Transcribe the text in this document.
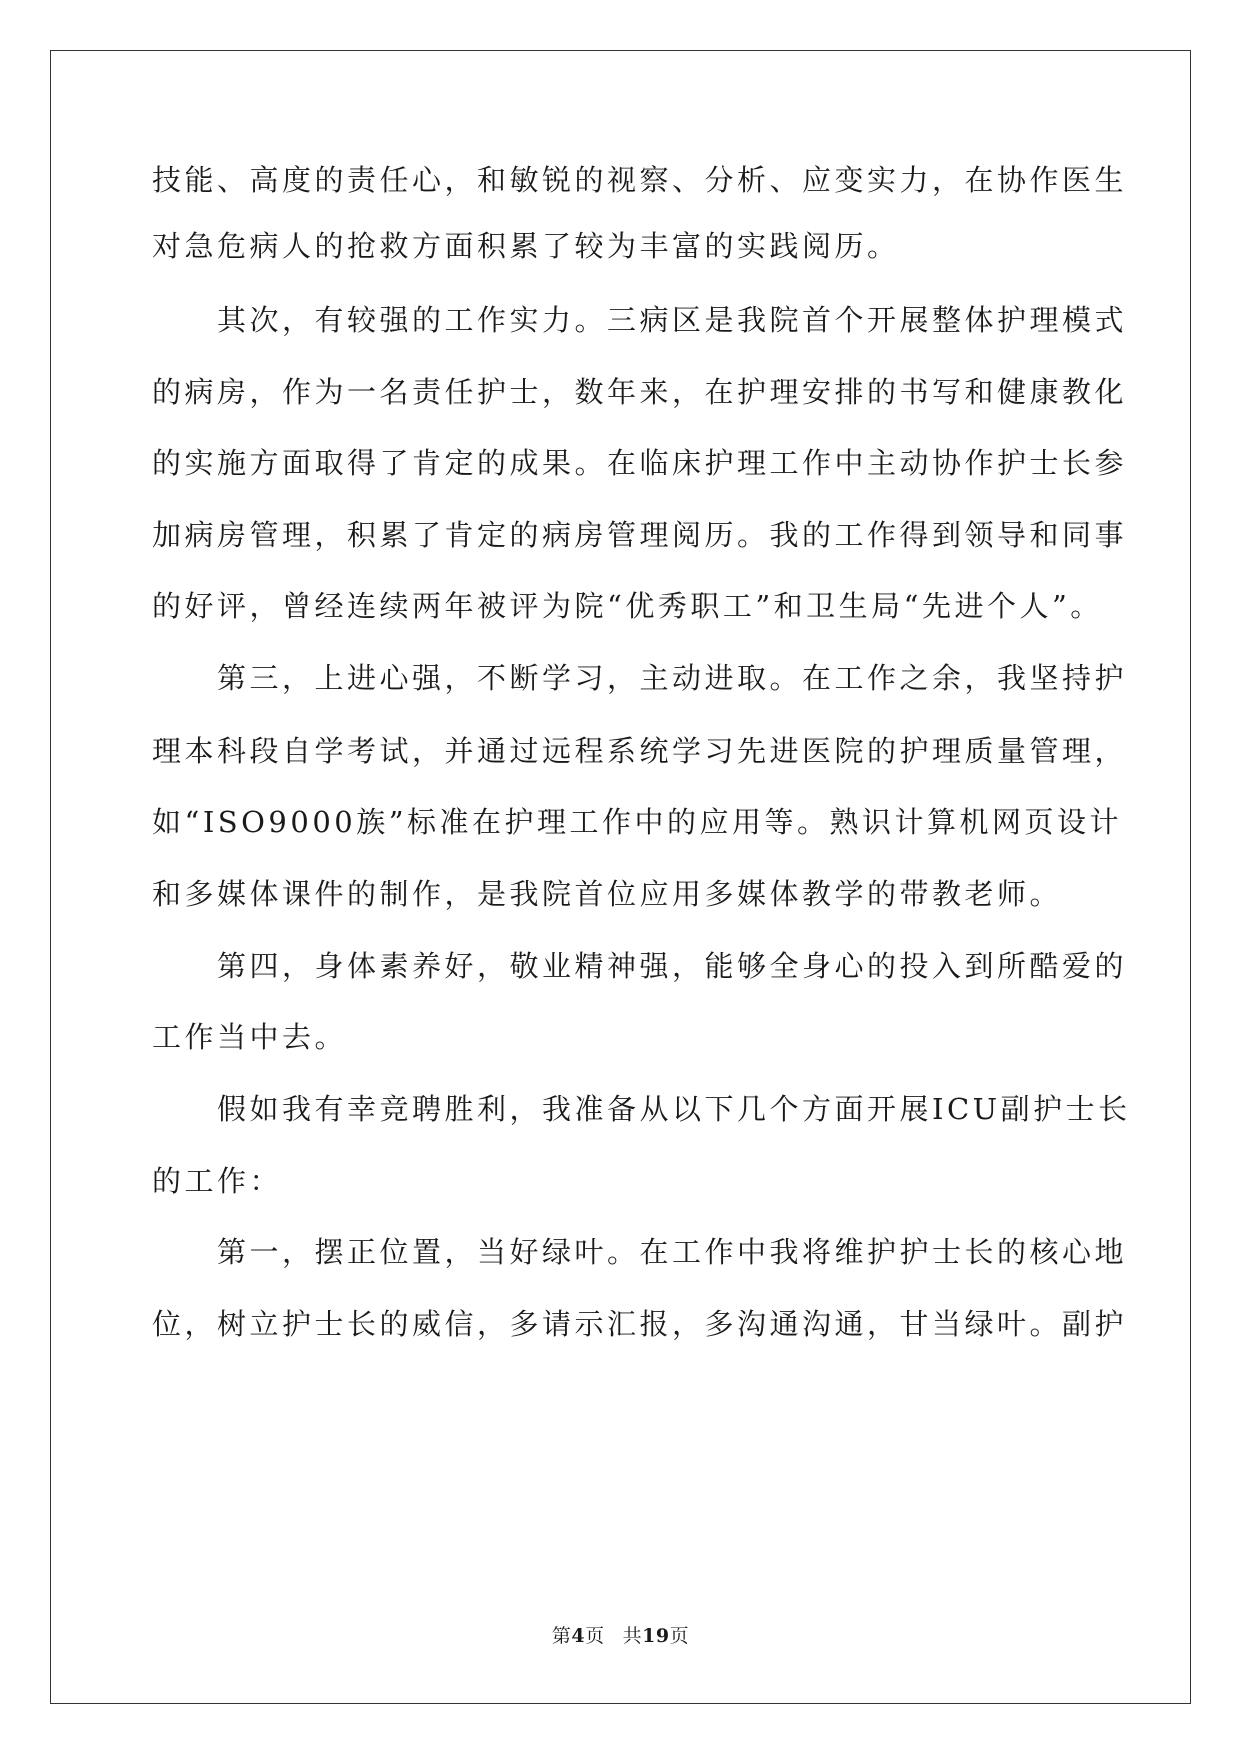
技能、高度的责任心，和敏锐的视察、分析、应变实力，在协作医生
对急危病人的抢救方面积累了较为丰富的实践阅历。
　　其次，有较强的工作实力。三病区是我院首个开展整体护理模式
的病房，作为一名责任护士，数年来，在护理安排的书写和健康教化
的实施方面取得了肯定的成果。在临床护理工作中主动协作护士长参
加病房管理，积累了肯定的病房管理阅历。我的工作得到领导和同事
的好评，曾经连续两年被评为院“优秀职工”和卫生局“先进个人”。
　　第三，上进心强，不断学习，主动进取。在工作之余，我坚持护
理本科段自学考试，并通过远程系统学习先进医院的护理质量管理，
如“ISO9000族”标准在护理工作中的应用等。熟识计算机网页设计
和多媒体课件的制作，是我院首位应用多媒体教学的带教老师。
　　第四，身体素养好，敬业精神强，能够全身心的投入到所酷爱的
工作当中去。
　　假如我有幸竞聘胜利，我准备从以下几个方面开展ICU副护士长
的工作：
　　第一，摆正位置，当好绿叶。在工作中我将维护护士长的核心地
位，树立护士长的威信，多请示汇报，多沟通沟通，甘当绿叶。副护
第4页 共19页
